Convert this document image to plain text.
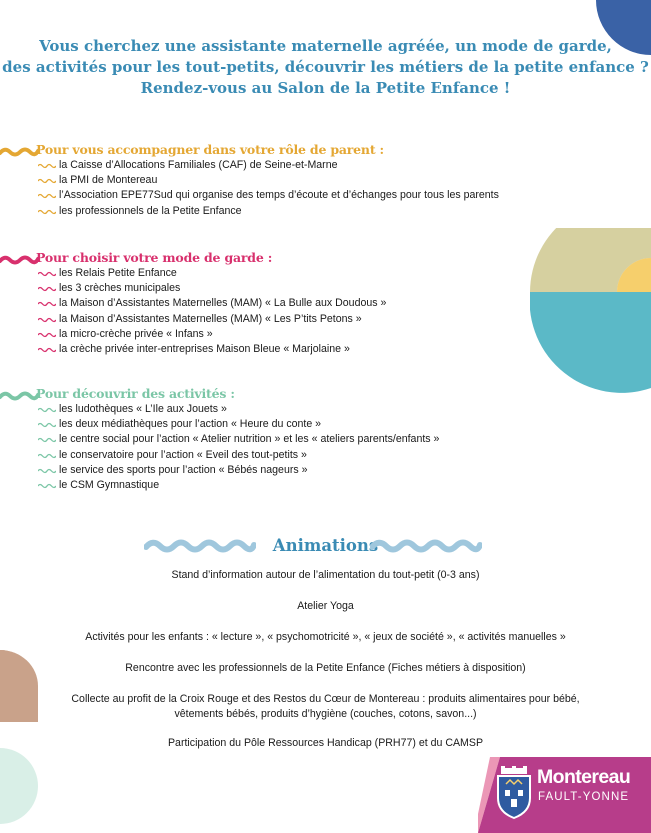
Vous cherchez une assistante maternelle agréée, un mode de garde,
des activités pour les tout-petits, découvrir les métiers de la petite enfance ?
Rendez-vous au Salon de la Petite Enfance !
Pour vous accompagner dans votre rôle de parent :
la Caisse d’Allocations Familiales (CAF) de Seine-et-Marne
la PMI de Montereau
l’Association EPE77Sud qui organise des temps d’écoute et d’échanges pour tous les parents
les professionnels de la Petite Enfance
Pour choisir votre mode de garde :
les Relais Petite Enfance
les 3 crèches municipales
la Maison d’Assistantes Maternelles (MAM) « La Bulle aux Doudous »
la Maison d’Assistantes Maternelles (MAM) « Les P’tits Petons »
la micro-crèche privée « Infans »
la crèche privée inter-entreprises Maison Bleue « Marjolaine »
Pour découvrir des activités :
les ludothèques « L’Ile aux Jouets »
les deux médiathèques pour l’action « Heure du conte »
le centre social pour l’action « Atelier nutrition » et les « ateliers parents/enfants »
le conservatoire pour l’action « Eveil des tout-petits »
le service des sports pour l’action « Bébés nageurs »
le CSM Gymnastique
Animations
Stand d’information autour de l’alimentation du tout-petit (0-3 ans)
Atelier Yoga
Activités pour les enfants : « lecture », « psychomotricité », « jeux de société », « activités manuelles »
Rencontre avec les professionnels de la Petite Enfance (Fiches métiers à disposition)
Collecte au profit de la Croix Rouge et des Restos du Cœur de Montereau : produits alimentaires pour bébé,
vêtements bébés, produits d’hygiène (couches, cotons, savon...)
Participation du Pôle Ressources Handicap (PRH77) et du CAMSP
Montereau
FAULT-YONNE
